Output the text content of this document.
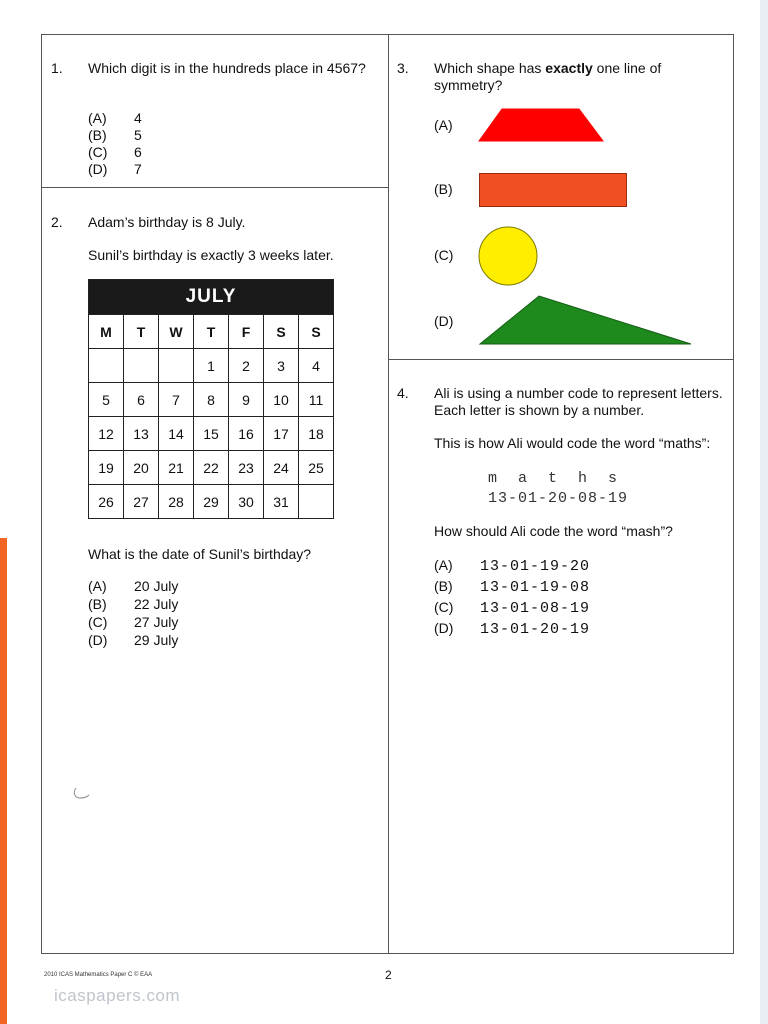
1. Which digit is in the hundreds place in 4567?
(A) 4
(B) 5
(C) 6
(D) 7
2. Adam’s birthday is 8 July.
Sunil’s birthday is exactly 3 weeks later.
JULY						
M	T	W	T	F	S	S
			1	2	3	4
5	6	7	8	9	10	11
12	13	14	15	16	17	18
19	20	21	22	23	24	25
26	27	28	29	30	31	
What is the date of Sunil’s birthday?
(A) 20 July
(B) 22 July
(C) 27 July
(D) 29 July
3. Which shape has exactly one line of symmetry?
(A)
(B)
(C)
(D)
4. Ali is using a number code to represent letters. Each letter is shown by a number.
This is how Ali would code the word “maths”:
m  a  t  h  s
13-01-20-08-19
How should Ali code the word “mash”?
(A) 13-01-19-20
(B) 13-01-19-08
(C) 13-01-08-19
(D) 13-01-20-19
2010 ICAS Mathematics Paper C © EAA	2
icaspapers.com
